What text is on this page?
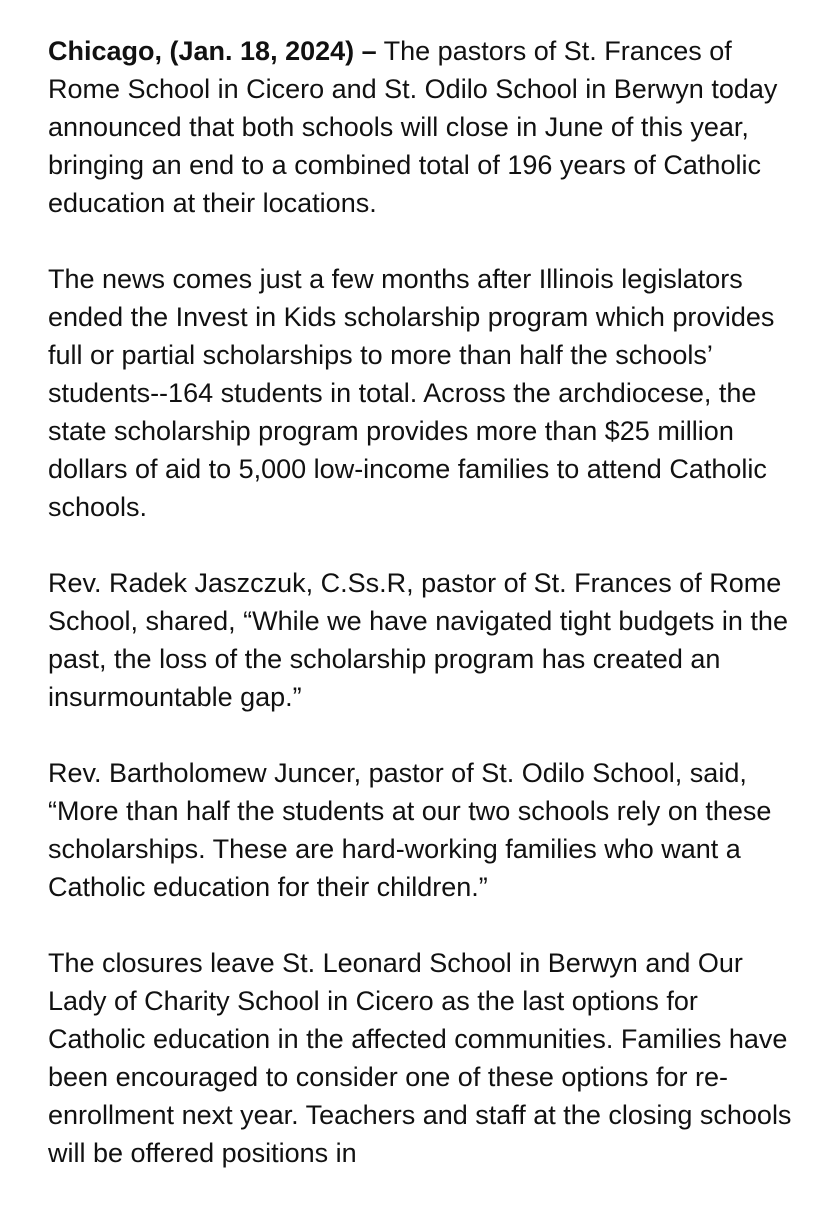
Chicago, (Jan. 18, 2024) – The pastors of St. Frances of Rome School in Cicero and St. Odilo School in Berwyn today announced that both schools will close in June of this year, bringing an end to a combined total of 196 years of Catholic education at their locations.

The news comes just a few months after Illinois legislators ended the Invest in Kids scholarship program which provides full or partial scholarships to more than half the schools’ students--164 students in total. Across the archdiocese, the state scholarship program provides more than $25 million dollars of aid to 5,000 low-income families to attend Catholic schools.

Rev. Radek Jaszczuk, C.Ss.R, pastor of St. Frances of Rome School, shared, “While we have navigated tight budgets in the past, the loss of the scholarship program has created an insurmountable gap.”

Rev. Bartholomew Juncer, pastor of St. Odilo School, said, “More than half the students at our two schools rely on these scholarships. These are hard-working families who want a Catholic education for their children.”

The closures leave St. Leonard School in Berwyn and Our Lady of Charity School in Cicero as the last options for Catholic education in the affected communities. Families have been encouraged to consider one of these options for re-enrollment next year. Teachers and staff at the closing schools will be offered positions in
